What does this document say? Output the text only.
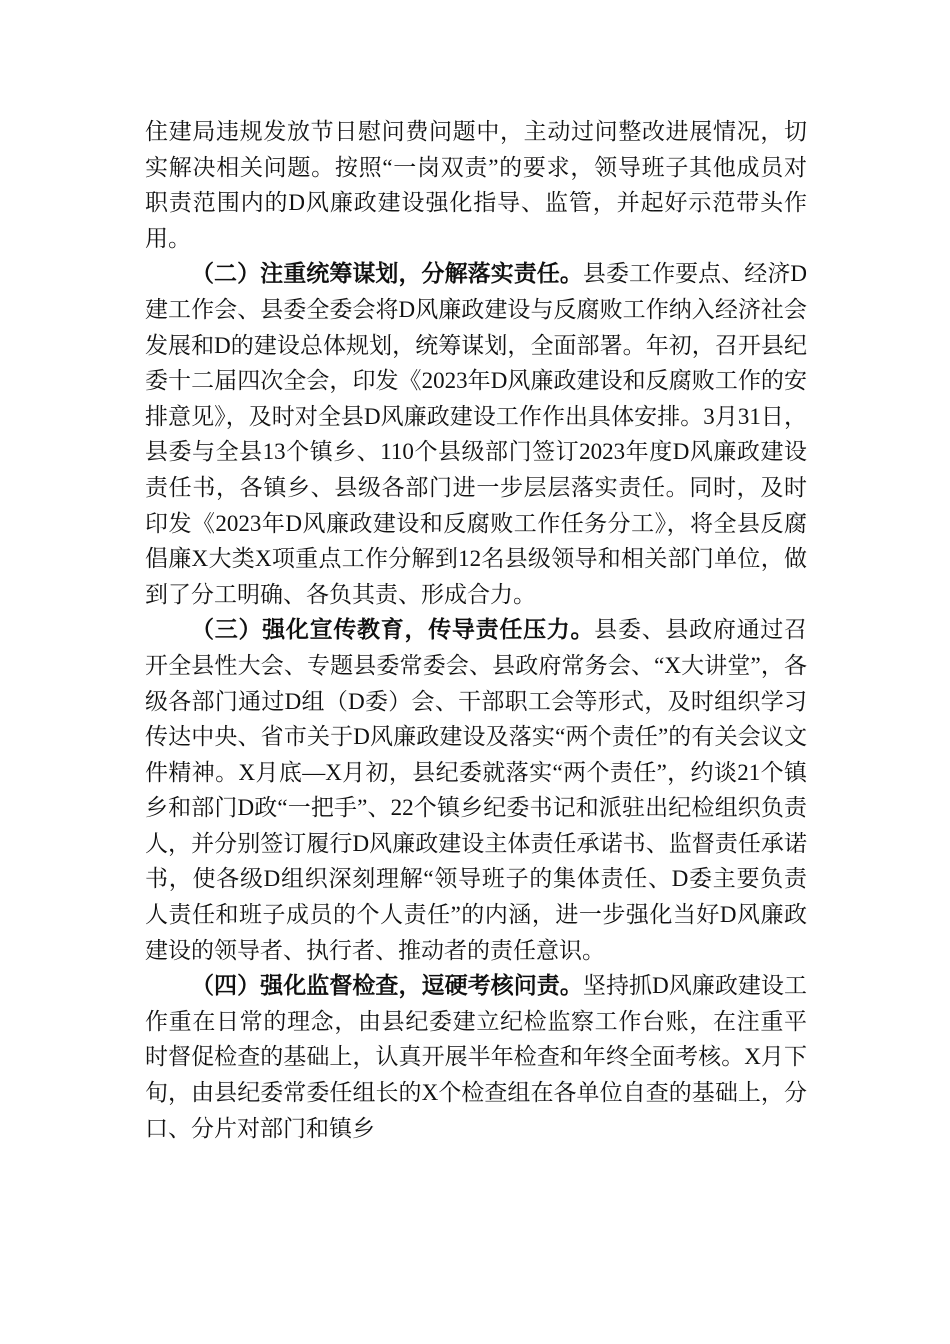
住建局违规发放节日慰问费问题中，主动过问整改进展情况，切实解决相关问题。按照“一岗双责”的要求，领导班子其他成员对职责范围内的D风廉政建设强化指导、监管，并起好示范带头作用。

（二）注重统筹谋划，分解落实责任。县委工作要点、经济D建工作会、县委全委会将D风廉政建设与反腐败工作纳入经济社会发展和D的建设总体规划，统筹谋划，全面部署。年初，召开县纪委十二届四次全会，印发《2023年D风廉政建设和反腐败工作的安排意见》，及时对全县D风廉政建设工作作出具体安排。3月31日，县委与全县13个镇乡、110个县级部门签订2023年度D风廉政建设责任书，各镇乡、县级各部门进一步层层落实责任。同时，及时印发《2023年D风廉政建设和反腐败工作任务分工》，将全县反腐倡廉X大类X项重点工作分解到12名县级领导和相关部门单位，做到了分工明确、各负其责、形成合力。

（三）强化宣传教育，传导责任压力。县委、县政府通过召开全县性大会、专题县委常委会、县政府常务会、“X大讲堂”，各级各部门通过D组（D委）会、干部职工会等形式，及时组织学习传达中央、省市关于D风廉政建设及落实“两个责任”的有关会议文件精神。X月底—X月初，县纪委就落实“两个责任”，约谈21个镇乡和部门D政“一把手”、22个镇乡纪委书记和派驻出纪检组织负责人，并分别签订履行D风廉政建设主体责任承诺书、监督责任承诺书，使各级D组织深刻理解“领导班子的集体责任、D委主要负责人责任和班子成员的个人责任”的内涵，进一步强化当好D风廉政建设的领导者、执行者、推动者的责任意识。

（四）强化监督检查，逗硬考核问责。坚持抓D风廉政建设工作重在日常的理念，由县纪委建立纪检监察工作台账，在注重平时督促检查的基础上，认真开展半年检查和年终全面考核。X月下旬，由县纪委常委任组长的X个检查组在各单位自查的基础上，分口、分片对部门和镇乡
